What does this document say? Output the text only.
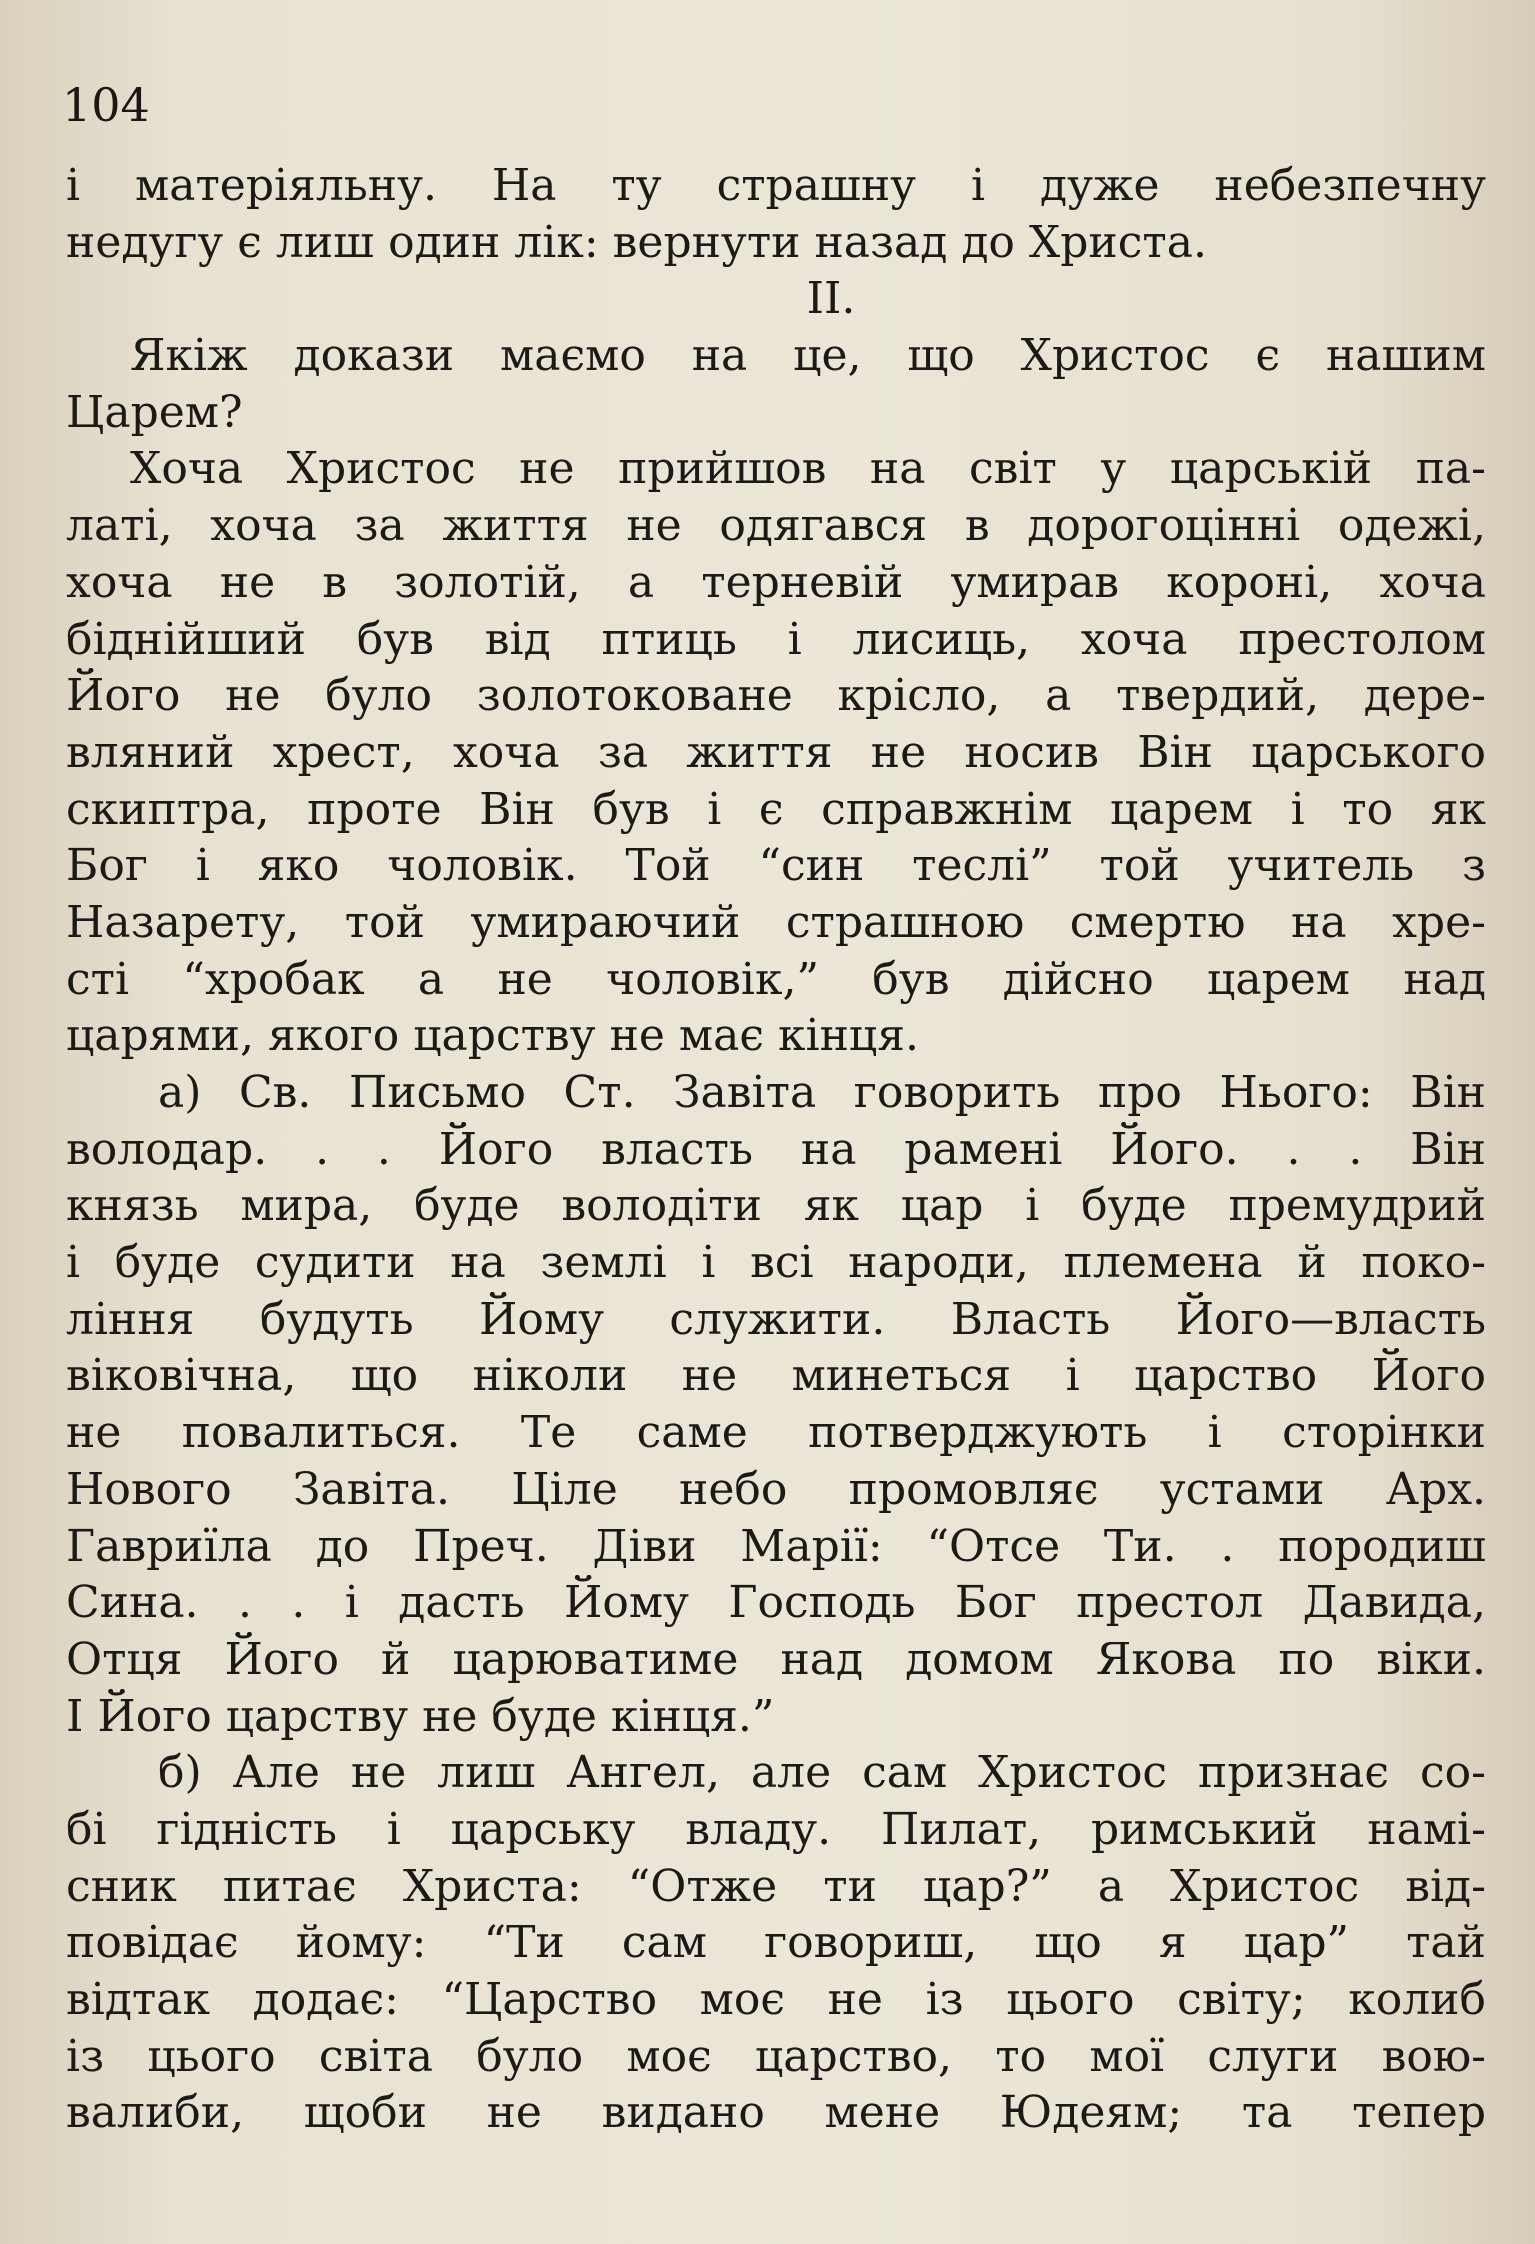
104
і матеріяльну. На ту страшну і дуже небезпечну
недугу є лиш один лік: вернути назад до Христа.
II.
Якіж докази маємо на це, що Христос є нашим
Царем?
Хоча Христос не прийшов на світ у царській па-
латі, хоча за життя не одягався в дорогоцінні одежі,
хоча не в золотій, а терневій умирав короні, хоча
біднійший був від птиць і лисиць, хоча престолом
Його не було золотоковане крісло, а твердий, дере-
вляний хрест, хоча за життя не носив Він царського
скиптра, проте Він був і є справжнім царем і то як
Бог і яко чоловік. Той “син теслі” той учитель з
Назарету, той умираючий страшною смертю на хре-
сті “хробак а не чоловік,” був дійсно царем над
царями, якого царству не має кінця.
а) Св. Письмо Ст. Завіта говорить про Нього: Він
володар. . . Його власть на рамені Його. . . Він
князь мира, буде володіти як цар і буде премудрий
і буде судити на землі і всі народи, племена й поко-
ління будуть Йому служити. Власть Його—власть
віковічна, що ніколи не минеться і царство Його
не повалиться. Те саме потверджують і сторінки
Нового Завіта. Ціле небо промовляє устами Арх.
Гавриїла до Преч. Діви Марії: “Отсе Ти. . породиш
Сина. . . і дасть Йому Господь Бог престол Давида,
Отця Його й царюватиме над домом Якова по віки.
І Його царству не буде кінця.”
б) Але не лиш Ангел, але сам Христос признає со-
бі гідність і царську владу. Пилат, римський намі-
сник питає Христа: “Отже ти цар?” а Христос від-
повідає йому: “Ти сам говориш, що я цар” тай
відтак додає: “Царство моє не із цього світу; колиб
із цього світа було моє царство, то мої слуги вою-
валиби, щоби не видано мене Юдеям; та тепер
